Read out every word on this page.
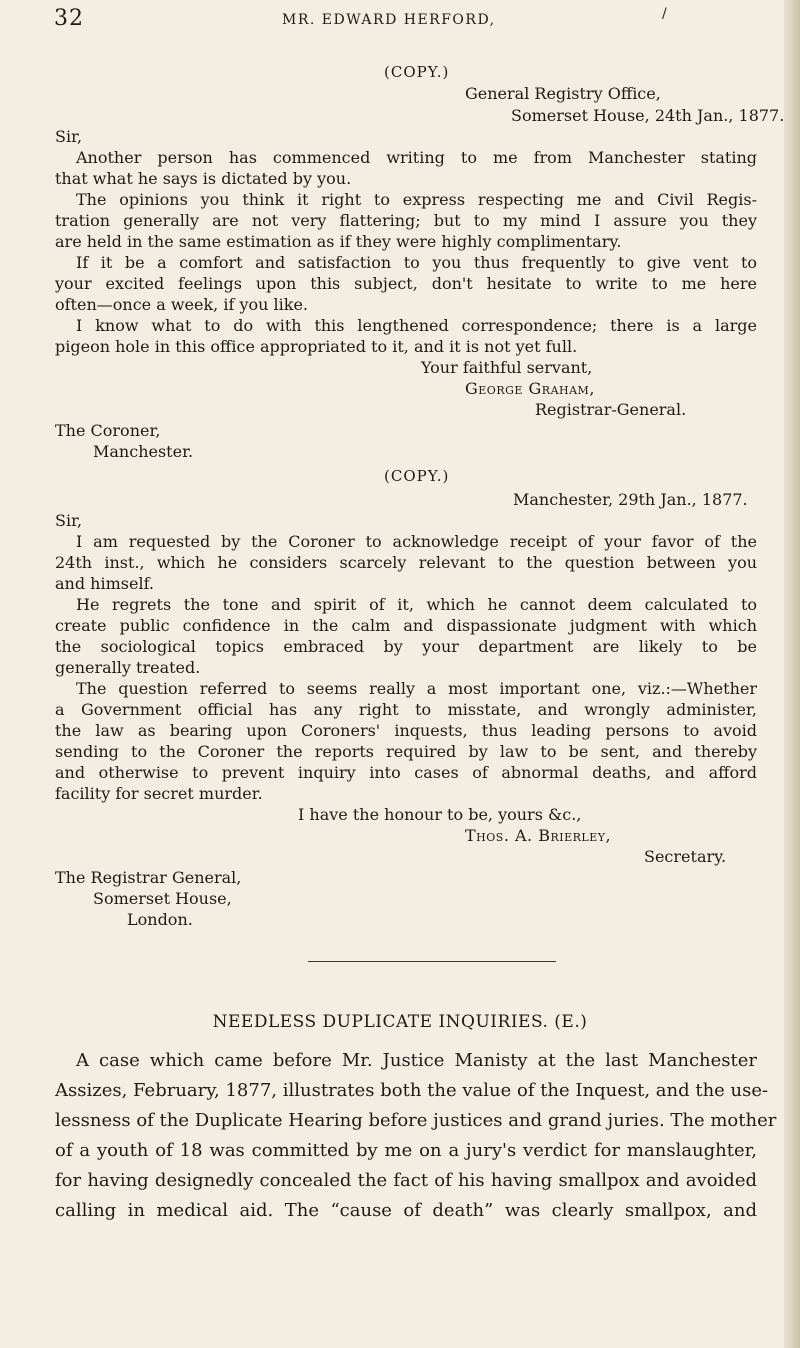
32	MR. EDWARD HERFORD,	/
(COPY.)
General Registry Office,
Somerset House, 24th Jan., 1877.
Sir,
Another person has commenced writing to me from Manchester stating
that what he says is dictated by you.
The opinions you think it right to express respecting me and Civil Regis-
tration generally are not very flattering; but to my mind I assure you they
are held in the same estimation as if they were highly complimentary.
If it be a comfort and satisfaction to you thus frequently to give vent to
your excited feelings upon this subject, don't hesitate to write to me here
often—once a week, if you like.
I know what to do with this lengthened correspondence; there is a large
pigeon hole in this office appropriated to it, and it is not yet full.
Your faithful servant,
George Graham,
Registrar-General.
The Coroner,
Manchester.
(COPY.)
Manchester, 29th Jan., 1877.
Sir,
I am requested by the Coroner to acknowledge receipt of your favor of the
24th inst., which he considers scarcely relevant to the question between you
and himself.
He regrets the tone and spirit of it, which he cannot deem calculated to
create public confidence in the calm and dispassionate judgment with which
the sociological topics embraced by your department are likely to be
generally treated.
The question referred to seems really a most important one, viz.:—Whether
a Government official has any right to misstate, and wrongly administer,
the law as bearing upon Coroners' inquests, thus leading persons to avoid
sending to the Coroner the reports required by law to be sent, and thereby
and otherwise to prevent inquiry into cases of abnormal deaths, and afford
facility for secret murder.
I have the honour to be, yours &c.,
Thos. A. Brierley,
Secretary.
The Registrar General,
Somerset House,
London.
NEEDLESS DUPLICATE INQUIRIES. (E.)
A case which came before Mr. Justice Manisty at the last Manchester
Assizes, February, 1877, illustrates both the value of the Inquest, and the use-
lessness of the Duplicate Hearing before justices and grand juries. The mother
of a youth of 18 was committed by me on a jury's verdict for manslaughter,
for having designedly concealed the fact of his having smallpox and avoided
calling in medical aid. The “cause of death” was clearly smallpox, and
